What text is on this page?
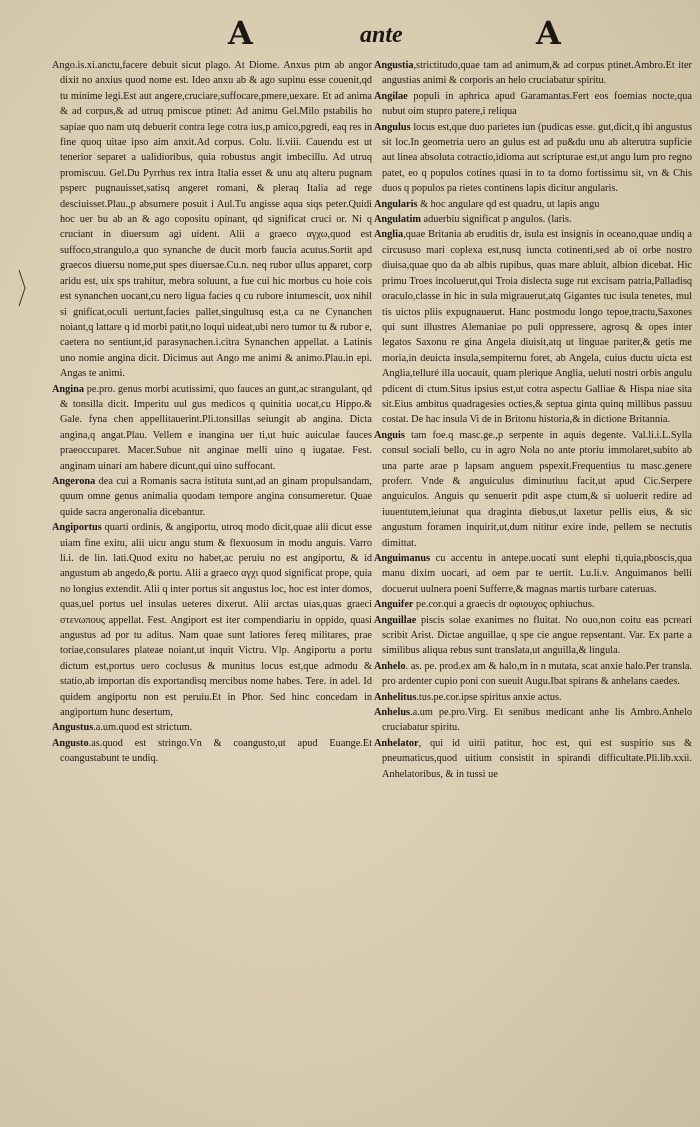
A	ante	A
Ango.is.xi.anctu,facere debuit sicut plago. At Diome. Anxus ptm ab angor dixit no anxius quod nome est. Ideo anxu ab & ago supinu esse couenit,qd tu minime legi.Est aut angere,cruciare,suffocare,pmere,uexare. Et ad anima & ad corpus,& ad utruq pmiscue ptinet: Ad animu Gel.Milo pstabilis ho sapiae quo nam utq debuerit contra lege cotra ius,p amico,pgredi, eaq res in fine quoq uitae ipso aim anxit.Ad corpus. Colu. li.viii. Cauendu est ut tenerior separet a ualidioribus, quia robustus angit imbecillu. Ad utruq promiscuu. Gel.Du Pyrrhus rex intra Italia esset & unu atq alteru pugnam psperc pugnauisset,satisq angeret romani, & pleraq Italia ad rege desciuisset.Plau.,p absumere posuit i Aul.Tu angisse aqua siqs peter.Quidi hoc uer bu ab an & ago copositu opinant, qd significat cruci or. Ni q cruciant in diuersum agi uident. Alii a graeco αγχω,quod est suffoco,strangulo,a quo synanche de ducit morb faucia acutus.Sortit apd graecos diuersu nome,put spes diuersae.Cu.n. neq rubor ullus apparet, corp aridu est, uix sps trahitur, mebra soluunt, a fue cui hic morbus cu hoie cois est synanchen uocant,cu nero ligua facies q cu rubore intumescit, uox nihil si gnificat,oculi uertunt,facies pallet,singultusq est,a ca ne Cynanchen noiant,q lattare q id morbi patit,no loqui uideat,ubi nero tumor tu & rubor e, caetera no sentiunt,id parasynachen.i.citra Synanchen appellat. a Latinis uno nomie angina dicit. Dicimus aut Ango me animi & animo.Plau.in epi. Angas te animi.
Angina pe.pro. genus morbi acutissimi, quo fauces an gunt,ac strangulant, qd & tonsilla dicit. Imperitu uul gus medicos q quinitia uocat,cu Hippo.& Gale. fyna chen appellitauerint.Pli.tonsillas seiungit ab angina. Dicta angina,q angat.Plau. Vellem e inangina uer ti,ut huic auiculae fauces praeoccuparet. Macer.Subue nit anginae melli uino q iugatae. Fest. anginam uinari am habere dicunt,qui uino suffocant.
Angerona dea cui a Romanis sacra istituta sunt,ad an ginam propulsandam, quum omne genus animalia quodam tempore angina consumeretur. Quae quide sacra angeronalia dicebantur.
Angiportus quarti ordinis, & angiportu, utroq modo dicit,quae alii dicut esse uiam fine exitu, alii uicu angu stum & flexuosum in modu anguis. Varro li.i. de lin. lati.Quod exitu no habet,ac peruiu no est angiportu, & id angustum ab angedo,& portu. Alii a graeco αγχι quod significat prope, quia no longius extendit. Alii q inter portus sit angustus loc, hoc est inter domos, quas,uel portus uel insulas ueteres dixerut. Alii arctas uias,quas graeci στενωπους appellat. Fest. Angiport est iter compendiariu in oppido, quasi angustus ad por tu aditus. Nam quae sunt latiores fereq militares, prae toriae,consulares plateae noiant,ut inquit Victru. Vlp. Angiportu a portu dictum est,portus uero coclusus & munitus locus est,que admodu & statio,ab importan dis exportandisq mercibus nome habes. Tere. in adel. Id quidem angiportu non est peruiu.Et in Phor. Sed hinc concedam in angiportum hunc desertum,
Angustus.a.um.quod est strictum.
Angusto.as.quod est stringo.Vn & coangusto,ut apud Euange.Et coangustabunt te undiq.
Angustia,strictitudo,quae tam ad animum,& ad corpus ptinet.Ambro.Et iter angustias animi & corporis an helo cruciabatur spiritu.
Angilae populi in aphrica apud Garamantas.Fert eos foemias nocte,qua nubut oim stupro patere,i reliqua
Angulus locus est,que duo parietes iun (pudicas esse. gut,dicit,q ibi angustus sit loc.In geometria uero an gulus est ad pu&du unu ab alterutra supficie aut linea absoluta cotractio,idioma aut scripturae est,ut angu lum pro regno patet, eo q populos cotines quasi in to ta domo fortissimu sit, vn & Chis duos q populos pa rietes continens lapis dicitur angularis.
Angularis & hoc angulare qd est quadru, ut lapis angu
Angulatim aduerbiu significat p angulos. (laris.
Anglia,quae Britania ab eruditis dr, isula est insignis in oceano,quae undiq a circususo mari coplexa est,nusq iuncta cotinenti,sed ab oi orbe nostro diuisa,quae quo da ab albis rupibus, quas mare abluit, albion dicebat. Hic primu Troes incoluerut,qui Troia dislecta suge rut excisam patria,Palladisq oraculo,classe in hic in sula migrauerut,atq Gigantes tuc isula tenetes, mul tis uictos pliis expugnauerut. Hanc postmodu longo tepoe,tractu,Saxones qui sunt illustres Alemaniae po puli oppressere, agrosq & opes inter legatos Saxonu re gina Angela diuisit,atq ut linguae pariter,& getis me moria,in deuicta insula,sempiternu foret, ab Angela, cuius ductu uicta est Anglia,telluré illa uocauit, quam plerique Anglia, ueluti nostri orbis angulu pdicent di ctum.Situs ipsius est,ut cotra aspectu Galliae & Hispa niae sita sit.Eius ambitus quadragesies octies,& septua ginta quinq millibus passuu costat. De hac insula Vi de in Britonu historia,& in dictione Britannia.
Anguis tam foe.q masc.ge.,p serpente in aquis degente. Val.li.i.L.Sylla consul sociali bello, cu in agro Nola no ante ptoriu immolaret,subito ab una parte arae p lapsam anguem pspexit.Frequentius tu masc.genere proferr. Vnde & anguiculus diminutiuu facit,ut apud Cic.Serpere anguiculos. Anguis qu senuerit pdit aspe ctum,& si uoluerit redire ad iuuentutem,ieiunat qua draginta diebus,ut laxetur pellis eius, & sic angustum foramen inquirit,ut,dum nititur exire inde, pellem se nectutis dimittat.
Anguimanus cu accentu in antepe.uocati sunt elephi ti,quia,pboscis,qua manu dixim uocari, ad oem par te uertit. Lu.li.v. Anguimanos belli docuerut uulnera poeni Sufferre,& magnas martis turbare cateruas.
Anguifer pe.cor.qui a graecis dr οφιουχος ophiuchus.
Anguillae piscis solae exanimes no fluitat. No ouo,non coitu eas pcreari scribit Arist. Dictae anguillae, q spe cie angue repsentant. Var. Ex parte a similibus aliqua rebus sunt translata,ut anguilla,& lingula.
Anhelo. as. pe. prod.ex am & halo,m in n mutata, scat anxie halo.Per transla. pro ardenter cupio poni con sueuit Augu.Ibat spirans & anhelans caedes.
Anhelitus.tus.pe.cor.ipse spiritus anxie actus.
Anhelus.a.um pe.pro.Virg. Et senibus medicant anhe lis Ambro.Anhelo cruciabatur spiritu.
Anhelator, qui id uitii patitur, hoc est, qui est suspirio sus & pneumaticus,quod uitium consistit in spirandi difficultate.Pli.lib.xxii. Anhelatoribus, & in tussi ue
